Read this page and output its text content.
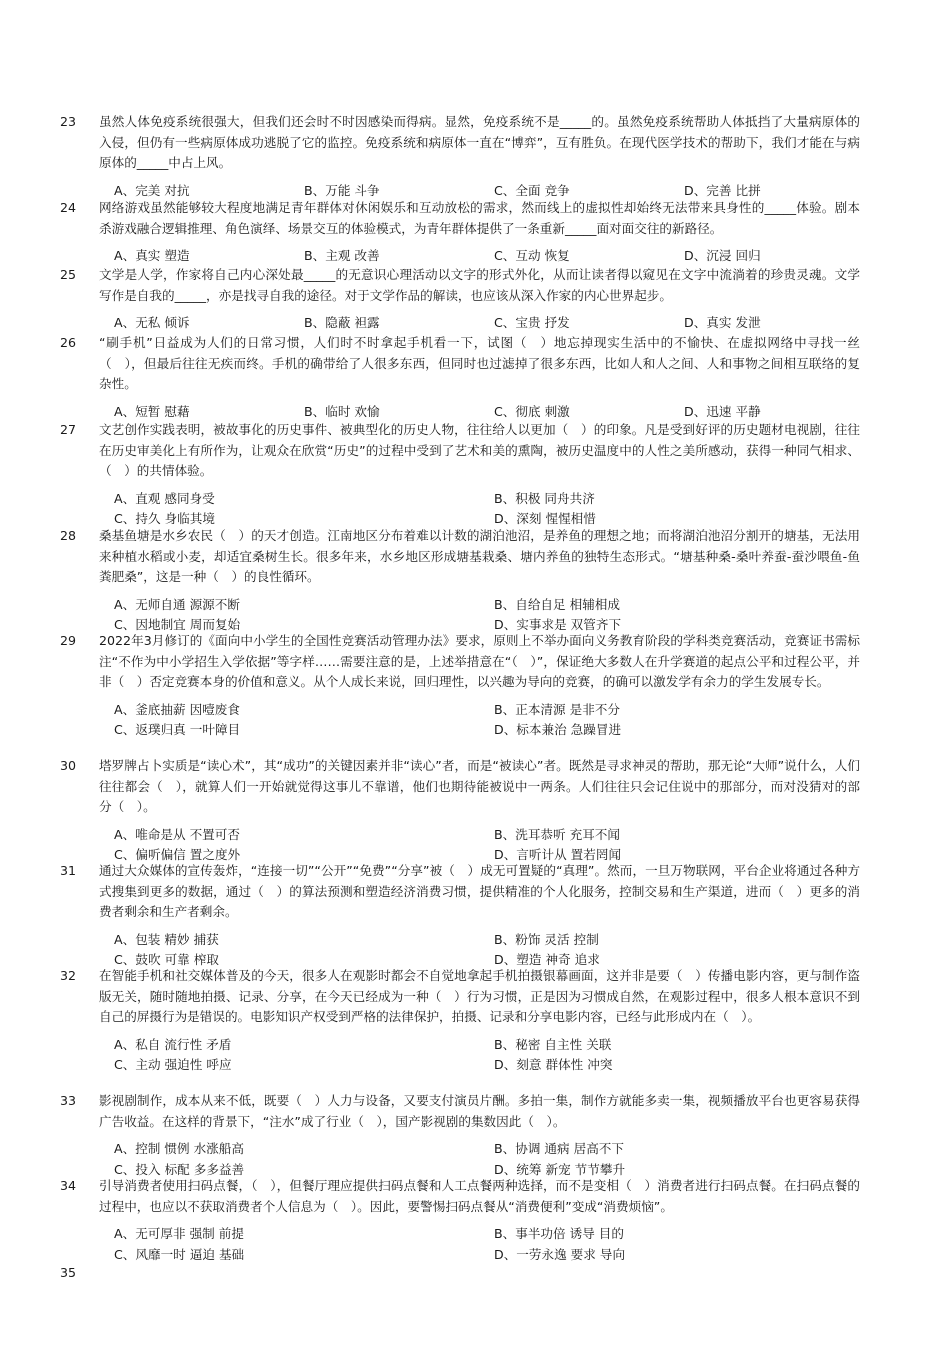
23	虽然人体免疫系统很强大，但我们还会时不时因感染而得病。显然，免疫系统不是_____的。虽然免疫系统帮助人体抵挡了大量病原体的入侵，但仍有一些病原体成功逃脱了它的监控。免疫系统和病原体一直在“博弈”，互有胜负。在现代医学技术的帮助下，我们才能在与病原体的_____中占上风。
A、完美 对抗	B、万能 斗争	C、全面 竞争	D、完善 比拼
24	网络游戏虽然能够较大程度地满足青年群体对休闲娱乐和互动放松的需求，然而线上的虚拟性却始终无法带来具身性的_____体验。剧本杀游戏融合逻辑推理、角色演绎、场景交互的体验模式，为青年群体提供了一条重新_____面对面交往的新路径。
A、真实 塑造	B、主观 改善	C、互动 恢复	D、沉浸 回归
25	文学是人学，作家将自己内心深处最_____的无意识心理活动以文字的形式外化，从而让读者得以窥见在文字中流淌着的珍贵灵魂。文学写作是自我的_____，亦是找寻自我的途径。对于文学作品的解读，也应该从深入作家的内心世界起步。
A、无私 倾诉	B、隐蔽 袒露	C、宝贵 抒发	D、真实 发泄
26	“刷手机”日益成为人们的日常习惯，人们时不时拿起手机看一下，试图（　）地忘掉现实生活中的不愉快、在虚拟网络中寻找一丝（　），但最后往往无疾而终。手机的确带给了人很多东西，但同时也过滤掉了很多东西，比如人和人之间、人和事物之间相互联络的复杂性。
A、短暂 慰藉	B、临时 欢愉	C、彻底 刺激	D、迅速 平静
27	文艺创作实践表明，被故事化的历史事件、被典型化的历史人物，往往给人以更加（　）的印象。凡是受到好评的历史题材电视剧，往往在历史审美化上有所作为，让观众在欣赏“历史”的过程中受到了艺术和美的熏陶，被历史温度中的人性之美所感动，获得一种同气相求、（　）的共情体验。
A、直观 感同身受	B、积极 同舟共济
C、持久 身临其境	D、深刻 惺惺相惜
28	桑基鱼塘是水乡农民（　）的天才创造。江南地区分布着难以计数的湖泊池沼，是养鱼的理想之地；而将湖泊池沼分割开的塘基，无法用来种植水稻或小麦，却适宜桑树生长。很多年来，水乡地区形成塘基栽桑、塘内养鱼的独特生态形式。“塘基种桑-桑叶养蚕-蚕沙喂鱼-鱼粪肥桑”，这是一种（　）的良性循环。
A、无师自通 源源不断	B、自给自足 相辅相成
C、因地制宜 周而复始	D、实事求是 双管齐下
29	2022年3月修订的《面向中小学生的全国性竞赛活动管理办法》要求，原则上不举办面向义务教育阶段的学科类竞赛活动，竞赛证书需标注“不作为中小学招生入学依据”等字样……需要注意的是，上述举措意在“（　）”，保证绝大多数人在升学赛道的起点公平和过程公平，并非（　）否定竞赛本身的价值和意义。从个人成长来说，回归理性，以兴趣为导向的竞赛，的确可以激发学有余力的学生发展专长。
A、釜底抽薪 因噎废食	B、正本清源 是非不分
C、返璞归真 一叶障目	D、标本兼治 急躁冒进
30	塔罗牌占卜实质是“读心术”，其“成功”的关键因素并非“读心”者，而是“被读心”者。既然是寻求神灵的帮助，那无论“大师”说什么，人们往往都会（　），就算人们一开始就觉得这事儿不靠谱，他们也期待能被说中一两条。人们往往只会记住说中的那部分，而对没猜对的部分（　）。
A、唯命是从 不置可否	B、洗耳恭听 充耳不闻
C、偏听偏信 置之度外	D、言听计从 置若罔闻
31	通过大众媒体的宣传轰炸，“连接一切”“公开”“免费”“分享”被（　）成无可置疑的“真理”。然而，一旦万物联网，平台企业将通过各种方式搜集到更多的数据，通过（　）的算法预测和塑造经济消费习惯，提供精准的个人化服务，控制交易和生产渠道，进而（　）更多的消费者剩余和生产者剩余。
A、包装 精妙 捕获	B、粉饰 灵活 控制
C、鼓吹 可靠 榨取	D、塑造 神奇 追求
32	在智能手机和社交媒体普及的今天，很多人在观影时都会不自觉地拿起手机拍摄银幕画面，这并非是要（　）传播电影内容，更与制作盗版无关，随时随地拍摄、记录、分享，在今天已经成为一种（　）行为习惯，正是因为习惯成自然，在观影过程中，很多人根本意识不到自己的屏摄行为是错误的。电影知识产权受到严格的法律保护，拍摄、记录和分享电影内容，已经与此形成内在（　）。
A、私自 流行性 矛盾	B、秘密 自主性 关联
C、主动 强迫性 呼应	D、刻意 群体性 冲突
33	影视剧制作，成本从来不低，既要（　）人力与设备，又要支付演员片酬。多拍一集，制作方就能多卖一集，视频播放平台也更容易获得广告收益。在这样的背景下，“注水”成了行业（　），国产影视剧的集数因此（　）。
A、控制 惯例 水涨船高	B、协调 通病 居高不下
C、投入 标配 多多益善	D、统筹 新宠 节节攀升
34	引导消费者使用扫码点餐，（　），但餐厅理应提供扫码点餐和人工点餐两种选择，而不是变相（　）消费者进行扫码点餐。在扫码点餐的过程中，也应以不获取消费者个人信息为（　）。因此，要警惕扫码点餐从“消费便利”变成“消费烦恼”。
A、无可厚非 强制 前提	B、事半功倍 诱导 目的
C、风靡一时 逼迫 基础	D、一劳永逸 要求 导向
35
